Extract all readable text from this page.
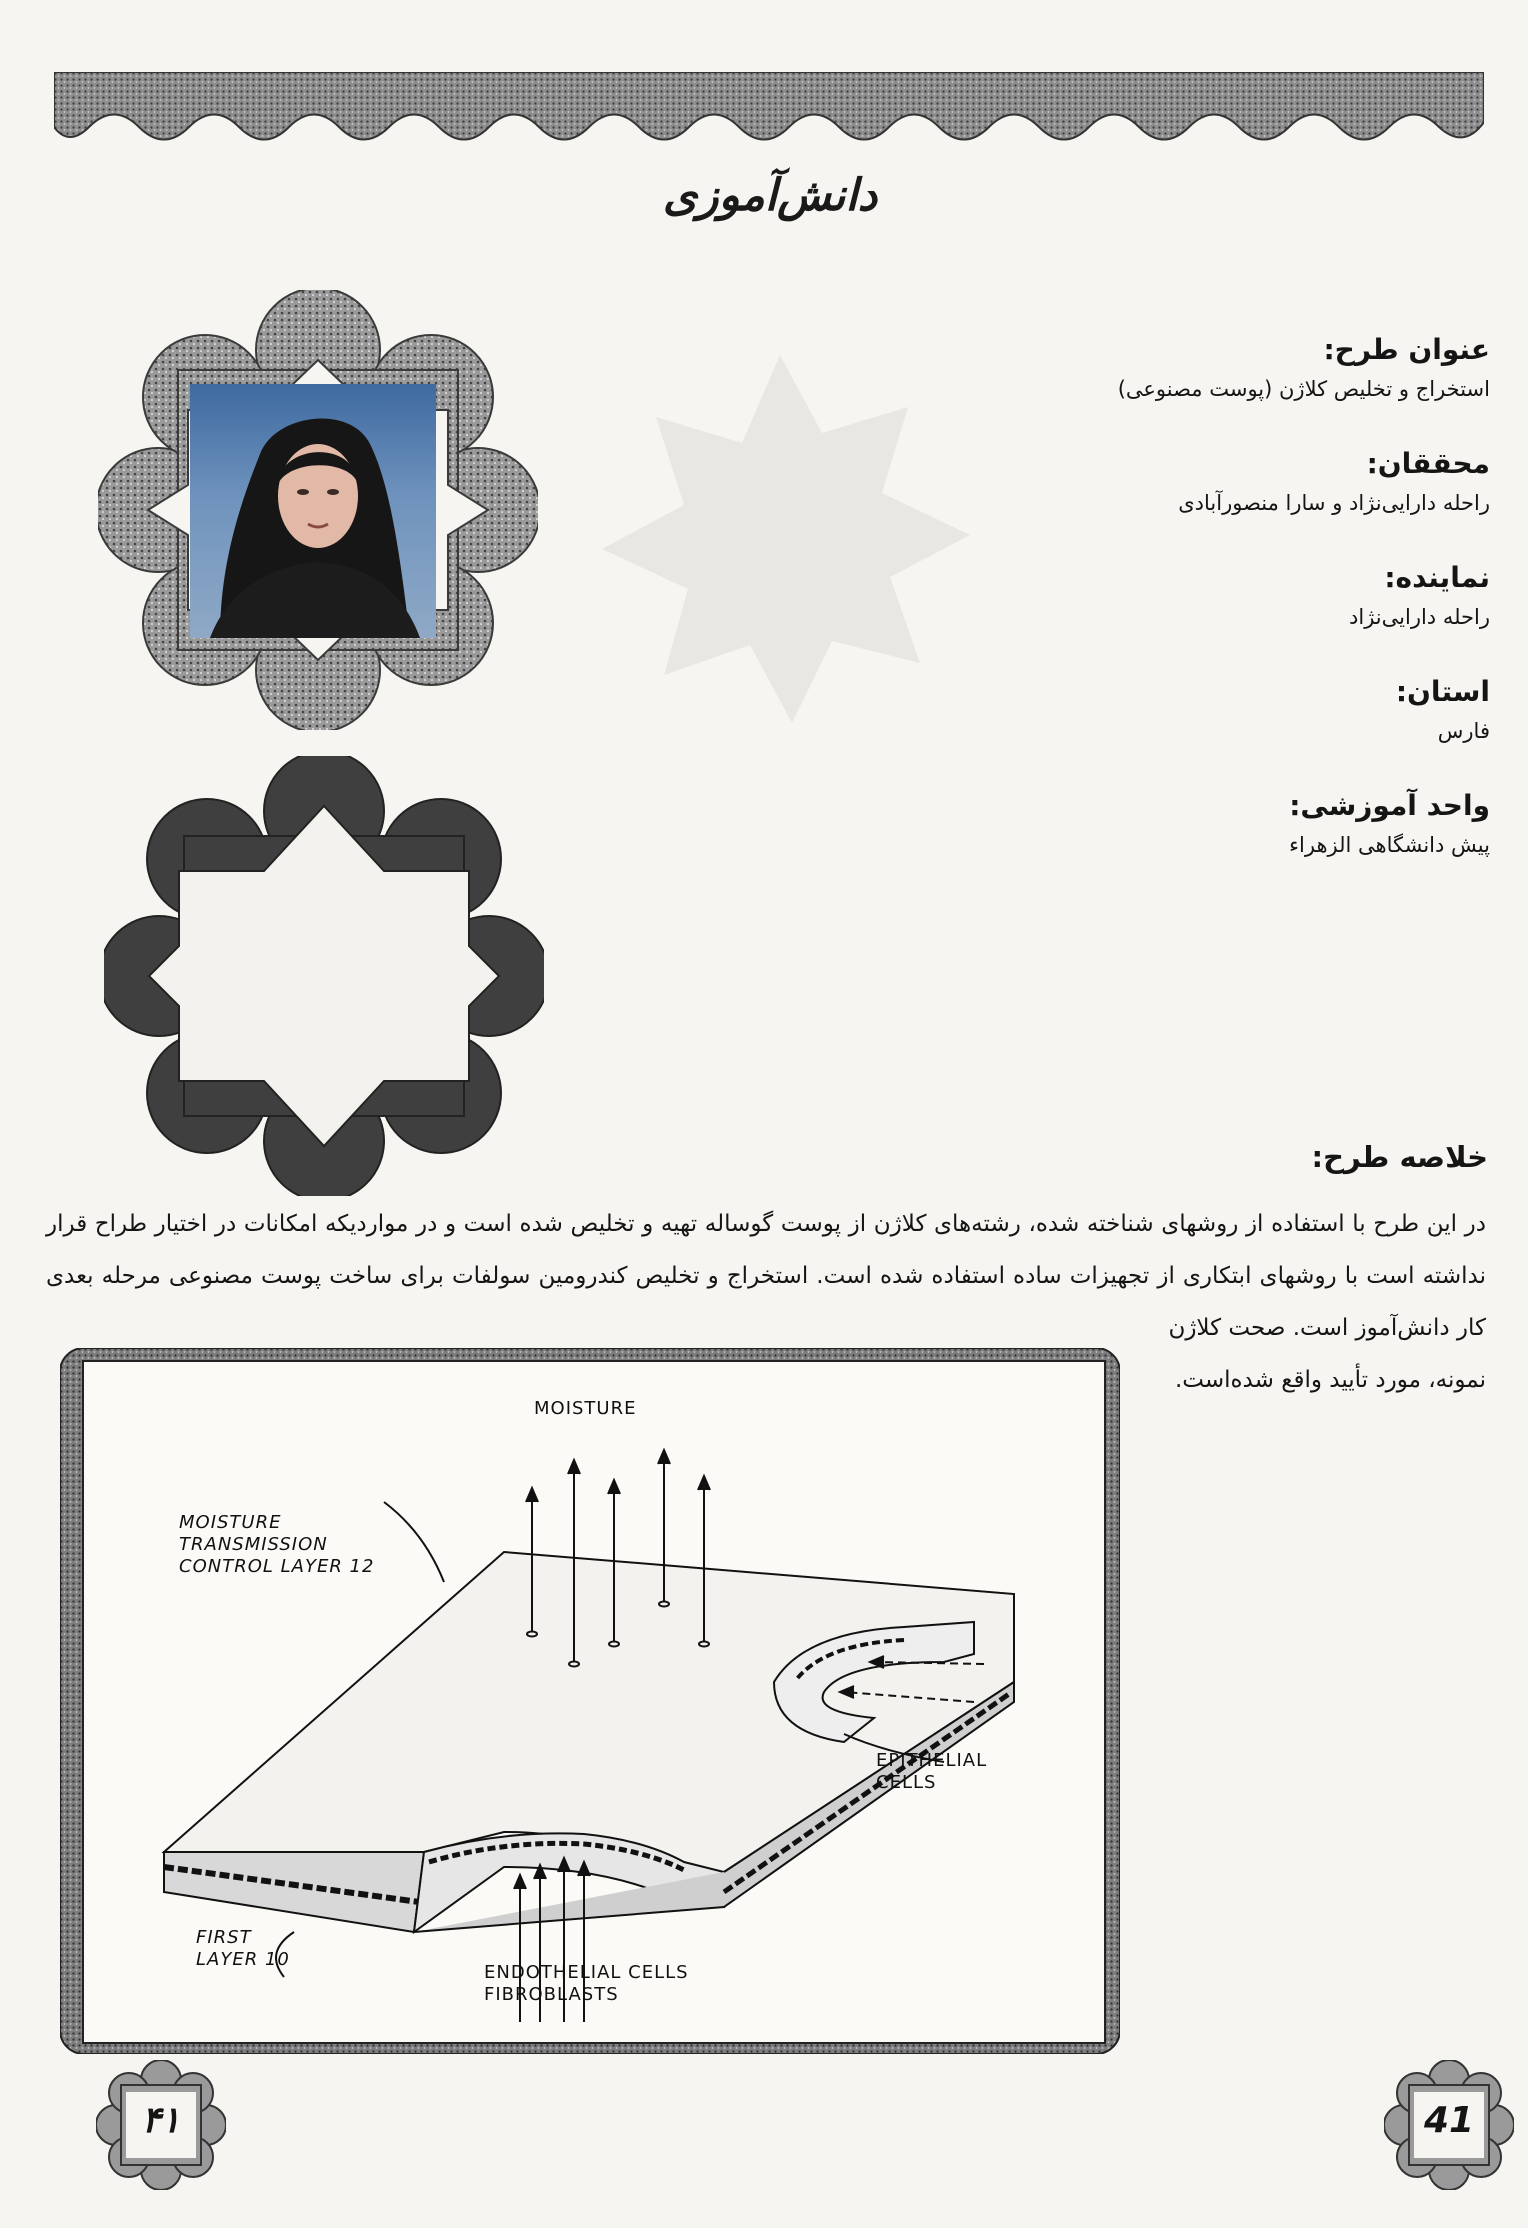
دانش‌آموزی

عنوان طرح:

استخراج و تخلیص کلاژن (پوست مصنوعی)

محققان:

راحله دارایی‌نژاد و سارا منصورآبادی

نماینده:

راحله دارایی‌نژاد

استان:

فارس

واحد آموزشی:

پیش دانشگاهی الزهراء

خلاصه طرح:
در این طرح با استفاده از روشهای شناخته شده، رشته‌های کلاژن از پوست گوساله تهیه و تخلیص شده است و در مواردیکه امکانات در اختیار طراح قرار نداشته است با روشهای ابتکاری از تجهیزات ساده استفاده شده است. استخراج و تخلیص کندرومین سولفات برای ساخت پوست مصنوعی مرحله بعدی کار دانش‌آموز است. صحت کلاژن
MOISTURE
MOISTURE
TRANSMISSION
CONTROL LAYER 12
EPITHELIAL
CELLS
FIRST
LAYER 10
ENDOTHELIAL CELLS
FIBROBLASTS
نمونه، مورد تأیید واقع شده‌است.
۴۱	41
